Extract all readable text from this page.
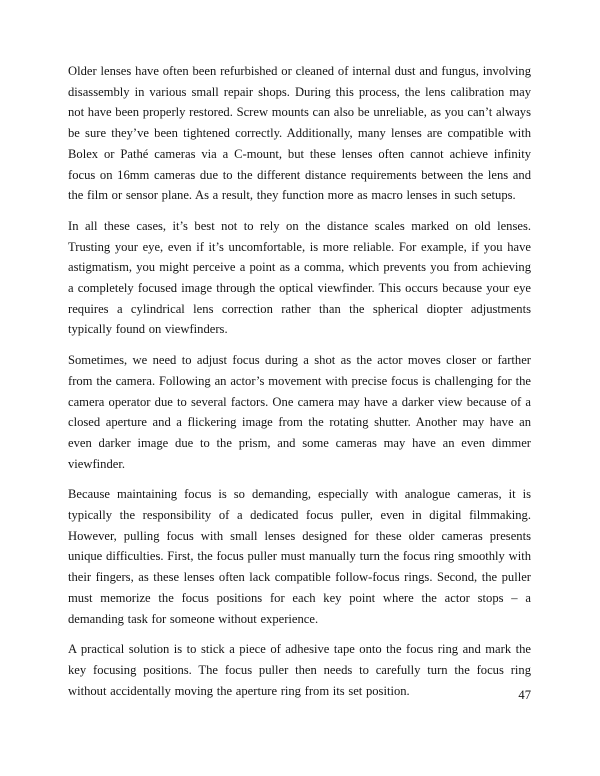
Older lenses have often been refurbished or cleaned of internal dust and fungus, involving disassembly in various small repair shops. During this process, the lens calibration may not have been properly restored. Screw mounts can also be unreliable, as you can’t always be sure they’ve been tightened correctly. Additionally, many lenses are compatible with Bolex or Pathé cameras via a C-mount, but these lenses often cannot achieve infinity focus on 16mm cameras due to the different distance requirements between the lens and the film or sensor plane. As a result, they function more as macro lenses in such setups.

In all these cases, it’s best not to rely on the distance scales marked on old lenses. Trusting your eye, even if it’s uncomfortable, is more reliable. For example, if you have astigmatism, you might perceive a point as a comma, which prevents you from achieving a completely focused image through the optical viewfinder. This occurs because your eye requires a cylindrical lens correction rather than the spherical diopter adjustments typically found on viewfinders.

Sometimes, we need to adjust focus during a shot as the actor moves closer or farther from the camera. Following an actor’s movement with precise focus is challenging for the camera operator due to several factors. One camera may have a darker view because of a closed aperture and a flickering image from the rotating shutter. Another may have an even darker image due to the prism, and some cameras may have an even dimmer viewfinder.

Because maintaining focus is so demanding, especially with analogue cameras, it is typically the responsibility of a dedicated focus puller, even in digital filmmaking. However, pulling focus with small lenses designed for these older cameras presents unique difficulties. First, the focus puller must manually turn the focus ring smoothly with their fingers, as these lenses often lack compatible follow-focus rings. Second, the puller must memorize the focus positions for each key point where the actor stops – a demanding task for someone without experience.

A practical solution is to stick a piece of adhesive tape onto the focus ring and mark the key focusing positions. The focus puller then needs to carefully turn the focus ring without accidentally moving the aperture ring from its set position.	47
